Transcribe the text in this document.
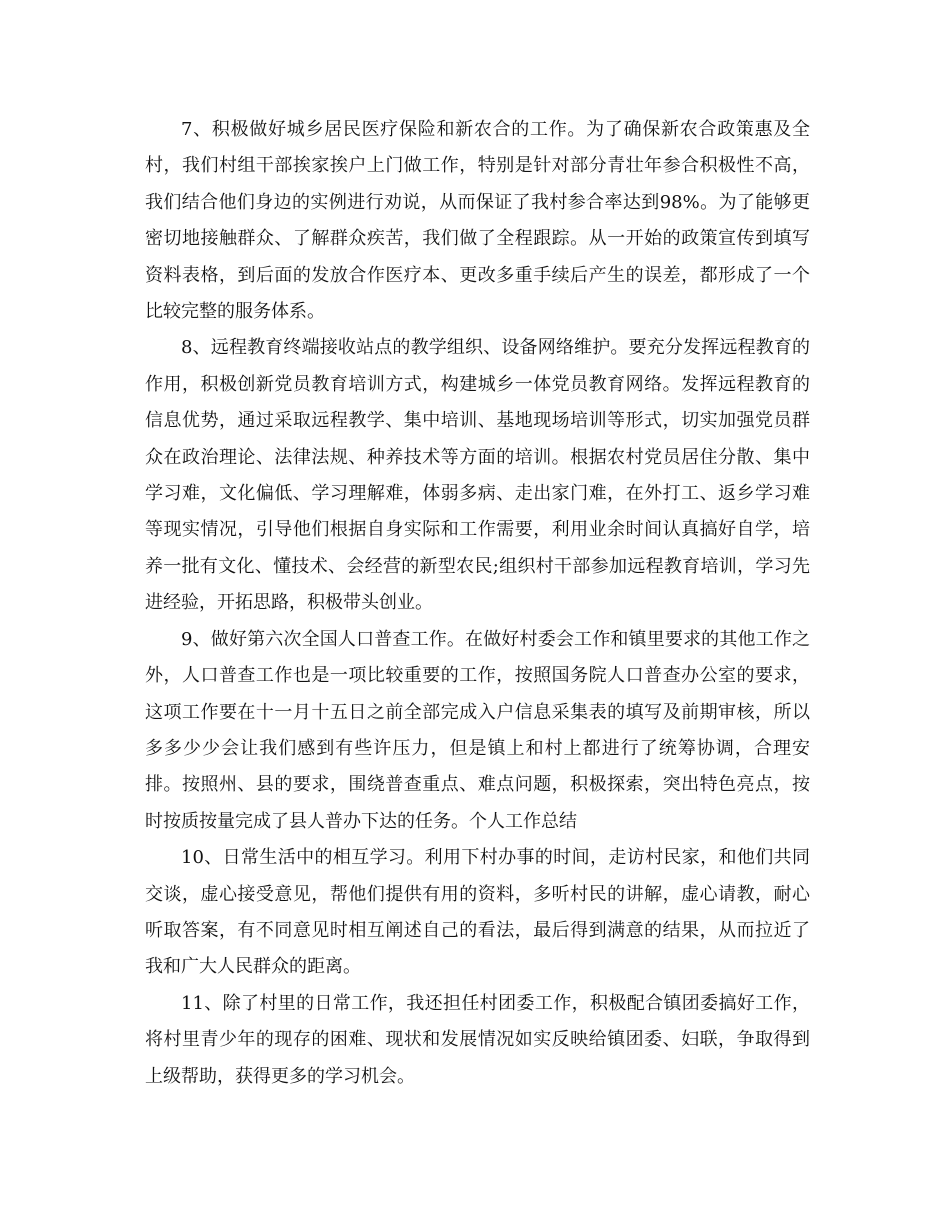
7、积极做好城乡居民医疗保险和新农合的工作。为了确保新农合政策惠及全村，我们村组干部挨家挨户上门做工作，特别是针对部分青壮年参合积极性不高，我们结合他们身边的实例进行劝说，从而保证了我村参合率达到98%。为了能够更密切地接触群众、了解群众疾苦，我们做了全程跟踪。从一开始的政策宣传到填写资料表格，到后面的发放合作医疗本、更改多重手续后产生的误差，都形成了一个比较完整的服务体系。

8、远程教育终端接收站点的教学组织、设备网络维护。要充分发挥远程教育的作用，积极创新党员教育培训方式，构建城乡一体党员教育网络。发挥远程教育的信息优势，通过采取远程教学、集中培训、基地现场培训等形式，切实加强党员群众在政治理论、法律法规、种养技术等方面的培训。根据农村党员居住分散、集中学习难，文化偏低、学习理解难，体弱多病、走出家门难，在外打工、返乡学习难等现实情况，引导他们根据自身实际和工作需要，利用业余时间认真搞好自学，培养一批有文化、懂技术、会经营的新型农民;组织村干部参加远程教育培训，学习先进经验，开拓思路，积极带头创业。

9、做好第六次全国人口普查工作。在做好村委会工作和镇里要求的其他工作之外，人口普查工作也是一项比较重要的工作，按照国务院人口普查办公室的要求，这项工作要在十一月十五日之前全部完成入户信息采集表的填写及前期审核，所以多多少少会让我们感到有些许压力，但是镇上和村上都进行了统筹协调，合理安排。按照州、县的要求，围绕普查重点、难点问题，积极探索，突出特色亮点，按时按质按量完成了县人普办下达的任务。个人工作总结

10、日常生活中的相互学习。利用下村办事的时间，走访村民家，和他们共同交谈，虚心接受意见，帮他们提供有用的资料，多听村民的讲解，虚心请教，耐心听取答案，有不同意见时相互阐述自己的看法，最后得到满意的结果，从而拉近了我和广大人民群众的距离。

11、除了村里的日常工作，我还担任村团委工作，积极配合镇团委搞好工作，将村里青少年的现存的困难、现状和发展情况如实反映给镇团委、妇联，争取得到上级帮助，获得更多的学习机会。
